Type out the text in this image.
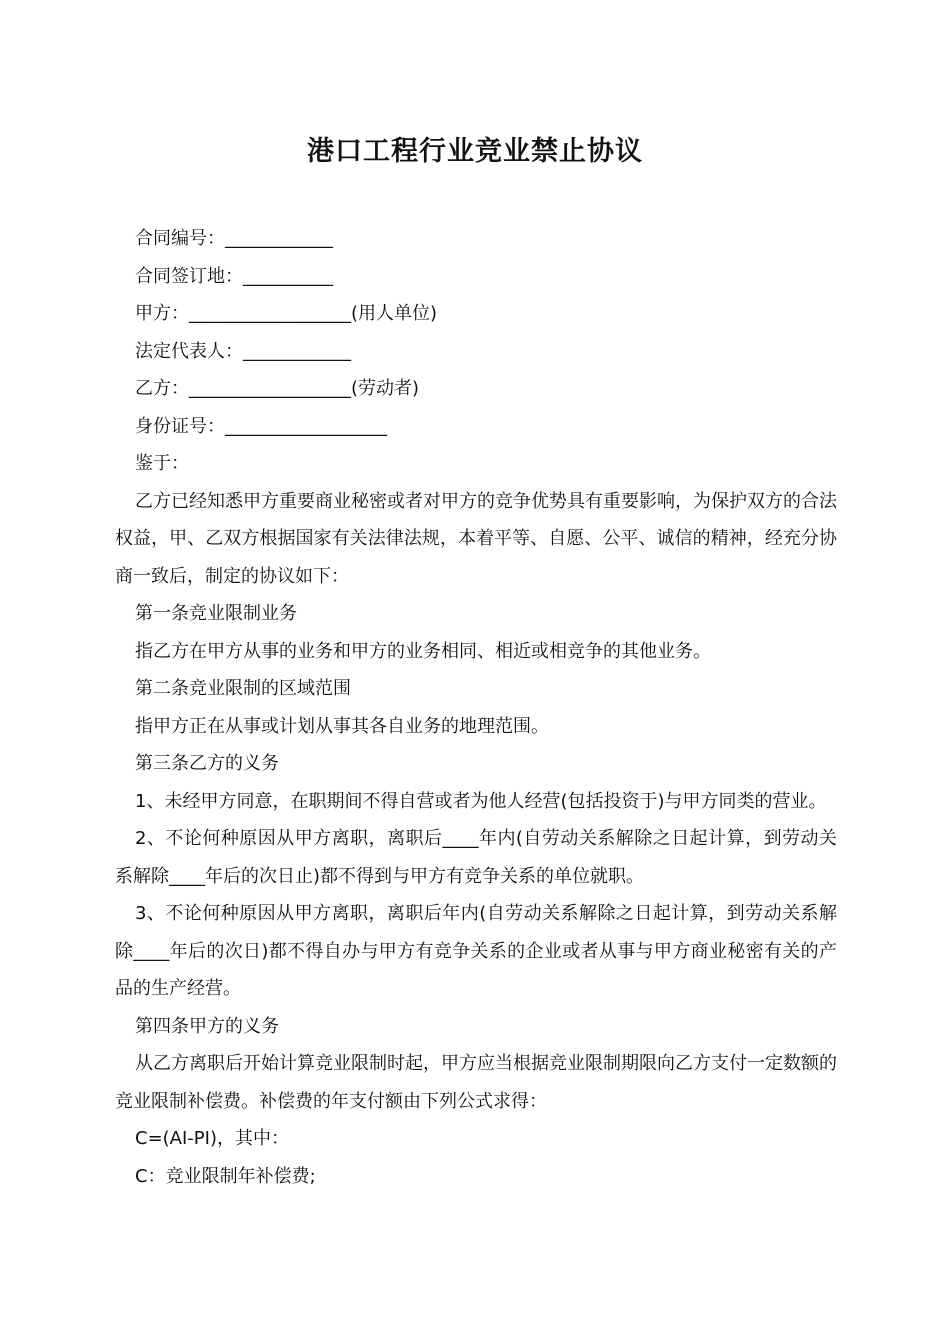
港口工程行业竞业禁止协议

合同编号：____________

合同签订地：__________

甲方：__________________(用人单位)

法定代表人：____________

乙方：__________________(劳动者)

身份证号：__________________

鉴于：

乙方已经知悉甲方重要商业秘密或者对甲方的竞争优势具有重要影响，为保护双方的合法权益，甲、乙双方根据国家有关法律法规，本着平等、自愿、公平、诚信的精神，经充分协商一致后，制定的协议如下：

第一条竞业限制业务

指乙方在甲方从事的业务和甲方的业务相同、相近或相竞争的其他业务。

第二条竞业限制的区域范围

指甲方正在从事或计划从事其各自业务的地理范围。

第三条乙方的义务

1、未经甲方同意，在职期间不得自营或者为他人经营(包括投资于)与甲方同类的营业。

2、不论何种原因从甲方离职，离职后____年内(自劳动关系解除之日起计算，到劳动关系解除____年后的次日止)都不得到与甲方有竞争关系的单位就职。

3、不论何种原因从甲方离职，离职后年内(自劳动关系解除之日起计算，到劳动关系解除____年后的次日)都不得自办与甲方有竞争关系的企业或者从事与甲方商业秘密有关的产品的生产经营。

第四条甲方的义务

从乙方离职后开始计算竞业限制时起，甲方应当根据竞业限制期限向乙方支付一定数额的竞业限制补偿费。补偿费的年支付额由下列公式求得：

C=(AI-PI)，其中：

C：竞业限制年补偿费;
